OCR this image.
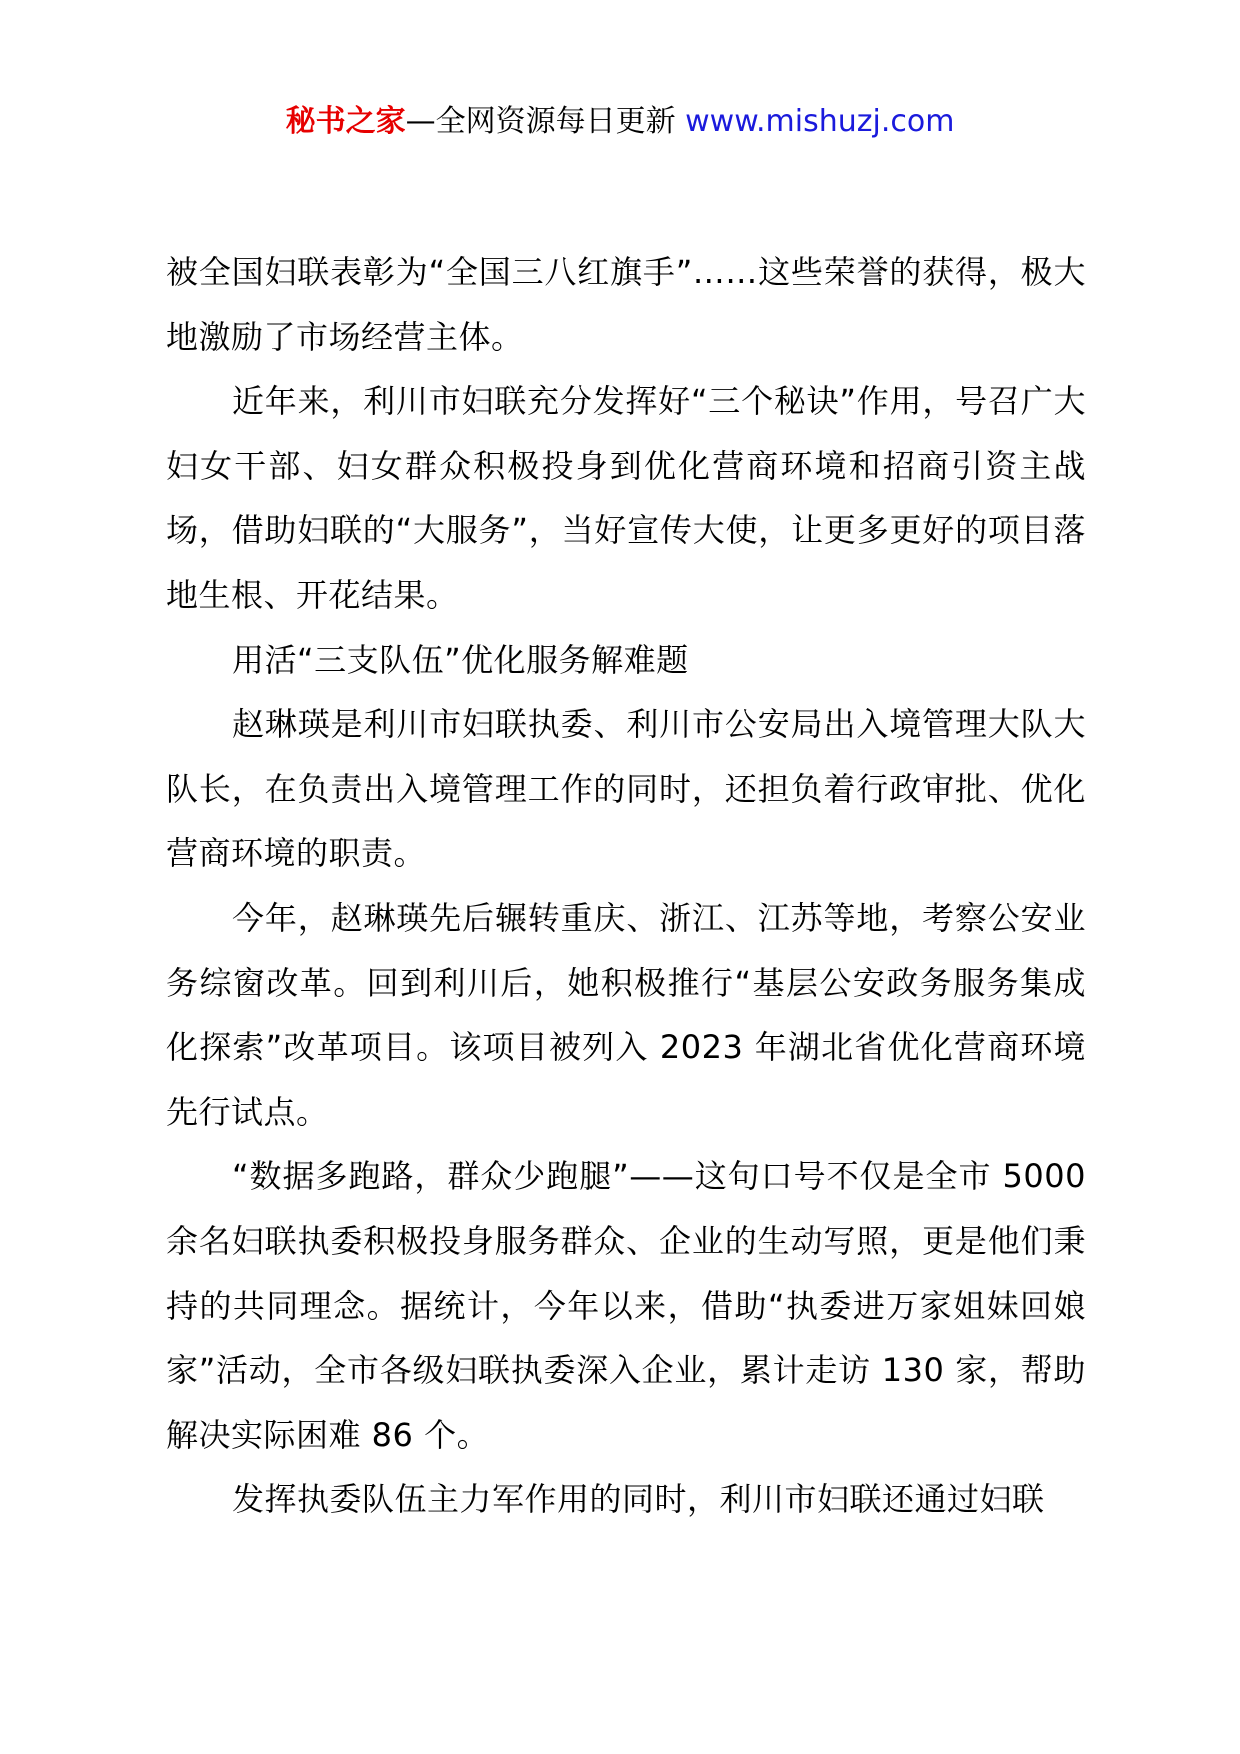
秘书之家—全网资源每日更新 www.mishuzj.com

被全国妇联表彰为“全国三八红旗手”……这些荣誉的获得，极大地激励了市场经营主体。

近年来，利川市妇联充分发挥好“三个秘诀”作用，号召广大妇女干部、妇女群众积极投身到优化营商环境和招商引资主战场，借助妇联的“大服务”，当好宣传大使，让更多更好的项目落地生根、开花结果。

用活“三支队伍”优化服务解难题

赵琳瑛是利川市妇联执委、利川市公安局出入境管理大队大队长，在负责出入境管理工作的同时，还担负着行政审批、优化营商环境的职责。

今年，赵琳瑛先后辗转重庆、浙江、江苏等地，考察公安业务综窗改革。回到利川后，她积极推行“基层公安政务服务集成化探索”改革项目。该项目被列入 2023 年湖北省优化营商环境先行试点。

“数据多跑路，群众少跑腿”——这句口号不仅是全市 5000 余名妇联执委积极投身服务群众、企业的生动写照，更是他们秉持的共同理念。据统计，今年以来，借助“执委进万家姐妹回娘家”活动，全市各级妇联执委深入企业，累计走访 130 家，帮助解决实际困难 86 个。

发挥执委队伍主力军作用的同时，利川市妇联还通过妇联
